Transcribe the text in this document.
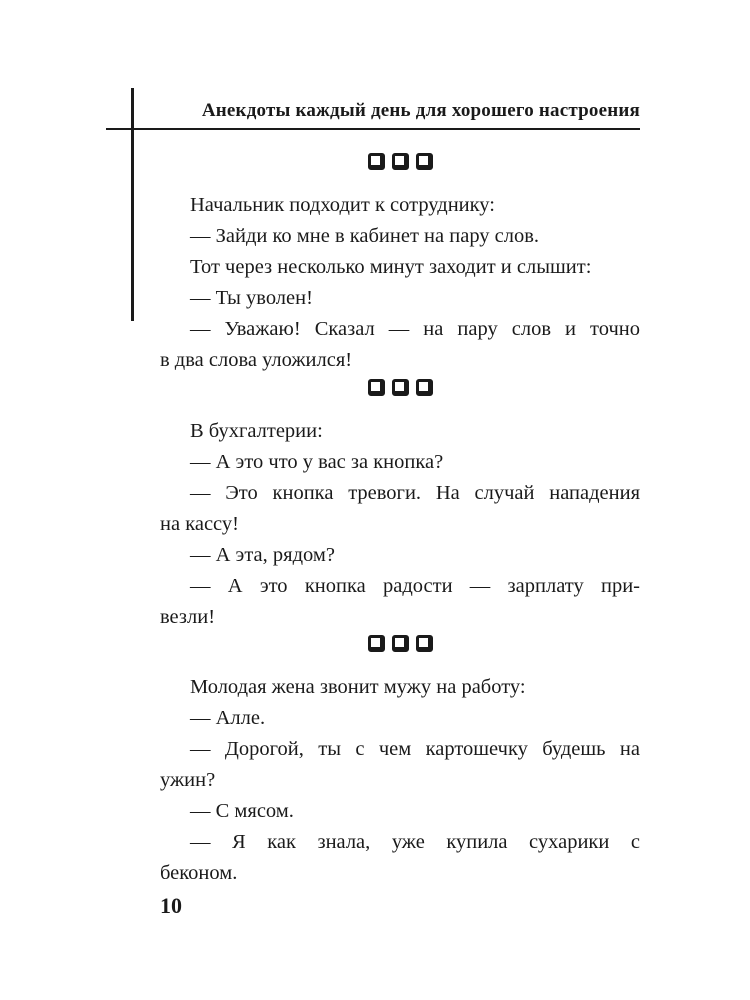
Анекдоты каждый день для хорошего настроения
Начальник подходит к сотруднику:
— Зайди ко мне в кабинет на пару слов.
Тот через несколько минут заходит и слышит:
— Ты уволен!
— Уважаю! Сказал — на пару слов и точно
в два слова уложился!
В бухгалтерии:
— А это что у вас за кнопка?
— Это кнопка тревоги. На случай нападения
на кассу!
— А эта, рядом?
— А это кнопка радости — зарплату при-
везли!
Молодая жена звонит мужу на работу:
— Алле.
— Дорогой, ты с чем картошечку будешь на
ужин?
— С мясом.
— Я как знала, уже купила сухарики с
беконом.
10
